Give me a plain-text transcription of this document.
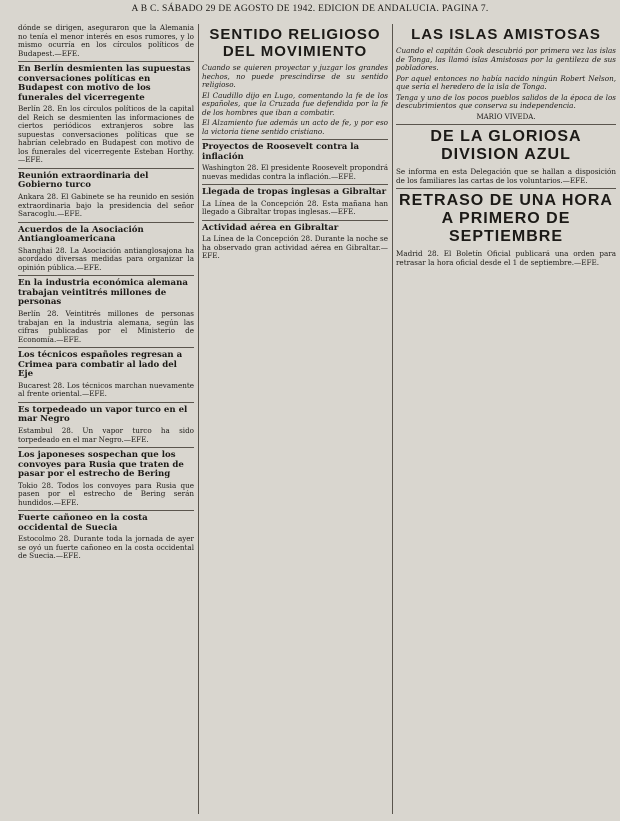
A B C. SÁBADO 29 DE AGOSTO DE 1942. EDICION DE ANDALUCIA. PAGINA 7.

dónde se dirigen, aseguraron que la Alemania no tenía el menor interés en esos rumores, y lo mismo ocurría en los círculos políticos de Budapest.—EFE.

En Berlín desmienten las supuestas conversaciones políticas en Budapest con motivo de los funerales del vicerregente

Berlín 28. En los círculos políticos de la capital del Reich se desmienten las informaciones de ciertos periódicos extranjeros sobre las supuestas conversaciones políticas que se habrían celebrado en Budapest con motivo de los funerales del vicerregente Esteban Horthy.—EFE.

Reunión extraordinaria del Gobierno turco

Ankara 28. El Gabinete se ha reunido en sesión extraordinaria bajo la presidencia del señor Saracoglu.—EFE.

Acuerdos de la Asociación Antiangloamericana

Shanghai 28. La Asociación antianglosajona ha acordado diversas medidas para organizar la opinión pública.—EFE.

En la industria económica alemana trabajan veintitrés millones de personas

Berlín 28. Veintitrés millones de personas trabajan en la industria alemana, según las cifras publicadas por el Ministerio de Economía.—EFE.

Los técnicos españoles regresan a Crimea para combatir al lado del Eje

Bucarest 28. Los técnicos marchan nuevamente al frente oriental.—EFE.

Es torpedeado un vapor turco en el mar Negro

Estambul 28. Un vapor turco ha sido torpedeado en el mar Negro.—EFE.

Los japoneses sospechan que los convoyes para Rusia que traten de pasar por el estrecho de Bering

Tokio 28. Todos los convoyes para Rusia que pasen por el estrecho de Bering serán hundidos.—EFE.

Fuerte cañoneo en la costa occidental de Suecia

Estocolmo 28. Durante toda la jornada de ayer se oyó un fuerte cañoneo en la costa occidental de Suecia.—EFE.

SENTIDO RELIGIOSO DEL MOVIMIENTO

Cuando se quieren proyectar y juzgar los grandes hechos, no puede prescindirse de su sentido religioso.

El Caudillo dijo en Lugo, comentando la fe de los españoles, que la Cruzada fue defendida por la fe de los hombres que iban a combatir.

El Alzamiento fue además un acto de fe, y por eso la victoria tiene sentido cristiano.

Proyectos de Roosevelt contra la inflación

Washington 28. El presidente Roosevelt propondrá nuevas medidas contra la inflación.—EFE.

Llegada de tropas inglesas a Gibraltar

La Línea de la Concepción 28. Esta mañana han llegado a Gibraltar tropas inglesas.—EFE.

Actividad aérea en Gibraltar

La Línea de la Concepción 28. Durante la noche se ha observado gran actividad aérea en Gibraltar.—EFE.

LAS ISLAS AMISTOSAS

Cuando el capitán Cook descubrió por primera vez las islas de Tonga, las llamó islas Amistosas por la gentileza de sus pobladores.

Por aquel entonces no había nacido ningún Robert Nelson, que sería el heredero de la isla de Tonga.

Tenga y uno de los pocos pueblos salidos de la época de los descubrimientos que conserva su independencia.

MARIO VIVEDA.

DE LA GLORIOSA DIVISION AZUL

Se informa en esta Delegación que se hallan a disposición de los familiares las cartas de los voluntarios.—EFE.

RETRASO DE UNA HORA A PRIMERO DE SEPTIEMBRE

Madrid 28. El Boletín Oficial publicará una orden para retrasar la hora oficial desde el 1 de septiembre.—EFE.
